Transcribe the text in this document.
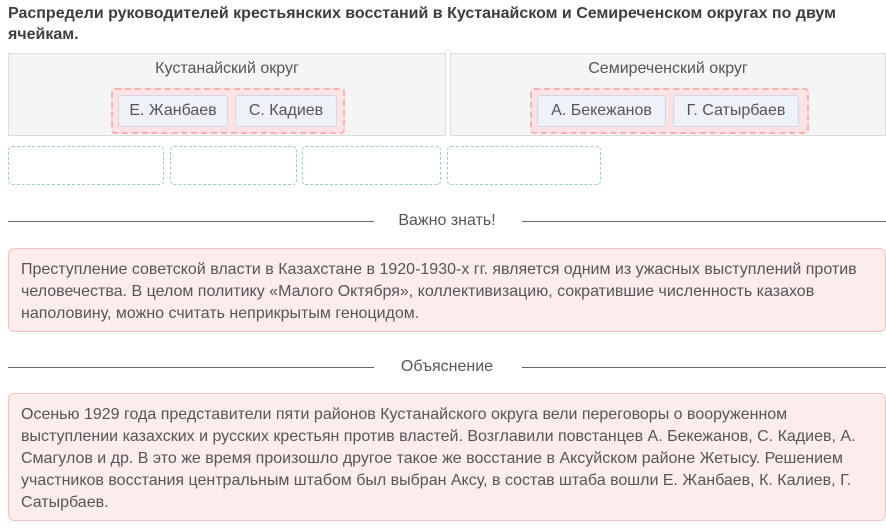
Распредели руководителей крестьянских восстаний в Кустанайском и Семиреченском округах по двум ячейкам.
Кустанайский округ
Е. Жанбаев	С. Кадиев
Семиреченский округ
А. Бекежанов	Г. Сатырбаев
Важно знать!

Преступление советской власти в Казахстане в 1920-1930-х гг. является одним из ужасных выступлений против человечества. В целом политику «Малого Октября», коллективизацию, сократившие численность казахов наполовину, можно считать неприкрытым геноцидом.

Объяснение

Осенью 1929 года представители пяти районов Кустанайского округа вели переговоры о вооруженном выступлении казахских и русских крестьян против властей. Возглавили повстанцев А. Бекежанов, С. Кадиев, А. Смагулов и др. В это же время произошло другое такое же восстание в Аксуйском районе Жетысу. Решением участников восстания центральным штабом был выбран Аксу, в состав штаба вошли Е. Жанбаев, К. Калиев, Г. Сатырбаев.
